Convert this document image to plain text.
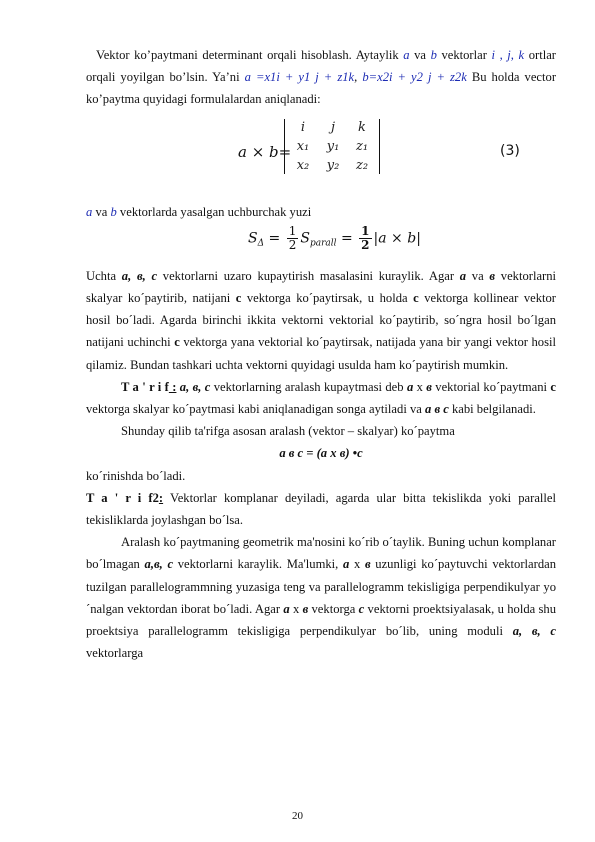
Vektor ko’paytmani determinant orqali hisoblash. Aytaylik a va b vektorlar i , j, k ortlar orqali yoyilgan bo’lsin. Ya’ni a =x1i + y1 j + z1k, b=x2i + y2 j + z2k Bu holda vector ko’paytma quyidagi formulalardan aniqlanadi:

a × b=
i	j	k
x₁	y₁	z₁
x₂	y₂	z₂
(3)

a va b vektorlarda yasalgan uchburchak yuzi

$S_\Delta = \frac{1}{2} S_{parall} = \frac{1}{2} |a \times b|$

Uchta a, в, c vektorlarni uzaro kupaytirish masalasini kuraylik. Agar a va в vektorlarni skalyar ko´paytirib, natijani c vektorga ko´paytirsak, u holda c vektorga kollinear vektor hosil bo´ladi. Agarda birinchi ikkita vektorni vektorial ko´paytirib, so´ngra hosil bo´lgan natijani uchinchi c vektorga yana vektorial ko´paytirsak, natijada yana bir yangi vektor hosil qilamiz. Bundan tashkari uchta vektorni quyidagi usulda ham ko´paytirish mumkin.

T a ' r i f : a, в, c vektorlarning aralash kupaytmasi deb a x в vektorial ko´paytmani c vektorga skalyar ko´paytmasi kabi aniqlanadigan songa aytiladi va a в c kabi belgilanadi.

Shunday qilib ta'rifga asosan aralash (vektor – skalyar) ko´paytma

a в c = (a x в) •c

ko´rinishda bo´ladi.

T a ' r i f2: Vektorlar komplanar deyiladi, agarda ular bitta tekislikda yoki parallel tekisliklarda joylashgan bo´lsa.

Aralash ko´paytmaning geometrik ma'nosini ko´rib o´taylik. Buning uchun komplanar bo´lmagan a,в, c vektorlarni karaylik. Ma'lumki, a x в uzunligi ko´paytuvchi vektorlardan tuzilgan parallelogrammning yuzasiga teng va parallelogramm tekisligiga perpendikulyar yo´nalgan vektordan iborat bo´ladi. Agar a x в vektorga c vektorni proektsiyalasak, u holda shu proektsiya parallelogramm tekisligiga perpendikulyar bo´lib, uning moduli a, в, c vektorlarga

20
